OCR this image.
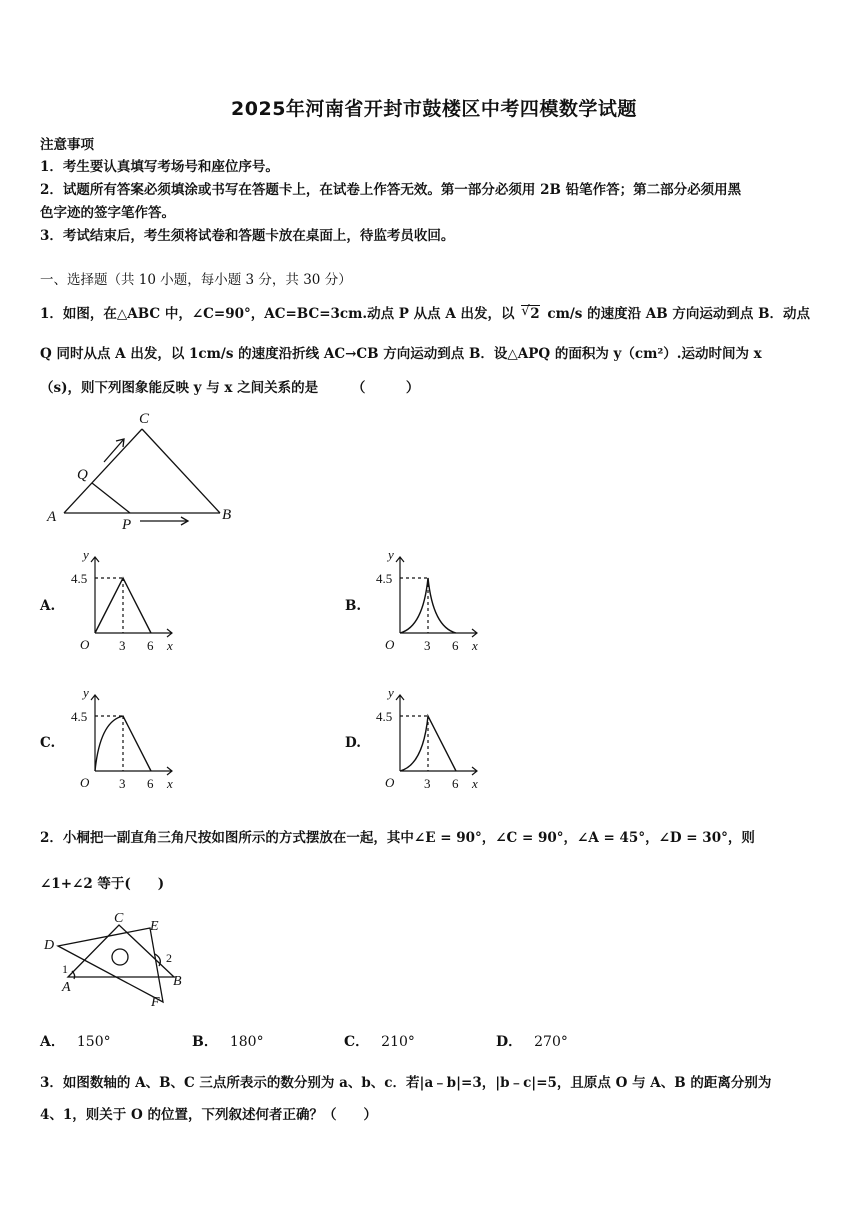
2025年河南省开封市鼓楼区中考四模数学试题
注意事项
1．考生要认真填写考场号和座位序号。
2．试题所有答案必须填涂或书写在答题卡上，在试卷上作答无效。第一部分必须用 2B 铅笔作答；第二部分必须用黑
色字迹的签字笔作答。
3．考试结束后，考生须将试卷和答题卡放在桌面上，待监考员收回。
一、选择题（共 10 小题，每小题 3 分，共 30 分）
1．如图，在△ABC 中，∠C=90°，AC=BC=3cm.动点 P 从点 A 出发，以 √ 2 cm/s 的速度沿 AB 方向运动到点 B．动点
Q 同时从点 A 出发，以 1cm/s 的速度沿折线 AC→CB 方向运动到点 B．设△APQ 的面积为 y（cm²）.运动时间为 x
（s)，则下列图象能反映 y 与 x 之间关系的是　　　（　　　）
A	B
C
P
Q
A.	B.
C.	D.
y
4.5
O 3 6 x
y
4.5
O 3 6 x
y
4.5
O 3 6 x
y
4.5
O 3 6 x
2．小桐把一副直角三角尺按如图所示的方式摆放在一起，其中∠E = 90°，∠C = 90°，∠A = 45°，∠D = 30°，则
∠1+∠2 等于(　　)
C
E
D
A	B
F
1
2
A． 150°	B． 180°	C． 210°	D． 270°
3．如图数轴的 A、B、C 三点所表示的数分别为 a、b、c．若|a﹣b|=3，|b﹣c|=5，且原点 O 与 A、B 的距离分别为
4、1，则关于 O 的位置，下列叙述何者正确？（　　）
